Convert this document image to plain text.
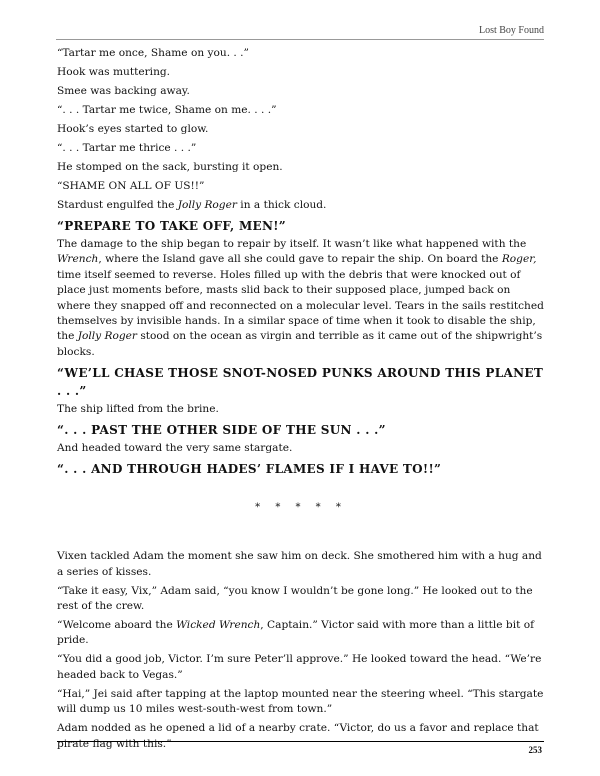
Lost Boy Found

“Tartar me once, Shame on you. . .”

Hook was muttering.

Smee was backing away.

“. . . Tartar me twice, Shame on me. . . .”

Hook’s eyes started to glow.

“. . . Tartar me thrice . . .”

He stomped on the sack, bursting it open.

“SHAME ON ALL OF US!!”

Stardust engulfed the Jolly Roger in a thick cloud.

“PREPARE TO TAKE OFF, MEN!”

The damage to the ship began to repair by itself. It wasn’t like what happened with the Wrench, where the Island gave all she could gave to repair the ship. On board the Roger, time itself seemed to reverse. Holes filled up with the debris that were knocked out of place just moments before, masts slid back to their supposed place, jumped back on where they snapped off and reconnected on a molecular level. Tears in the sails restitched themselves by invisible hands. In a similar space of time when it took to disable the ship, the Jolly Roger stood on the ocean as virgin and terrible as it came out of the shipwright’s blocks.

“WE’LL CHASE THOSE SNOT-NOSED PUNKS AROUND THIS PLANET . . .”

The ship lifted from the brine.

“. . . PAST THE OTHER SIDE OF THE SUN . . .”

And headed toward the very same stargate.

“. . . AND THROUGH HADES’ FLAMES IF I HAVE TO!!”

* * * * *

Vixen tackled Adam the moment she saw him on deck. She smothered him with a hug and a series of kisses.

“Take it easy, Vix,” Adam said, “you know I wouldn’t be gone long.” He looked out to the rest of the crew.

“Welcome aboard the Wicked Wrench, Captain.” Victor said with more than a little bit of pride.

“You did a good job, Victor. I’m sure Peter’ll approve.” He looked toward the head. “We’re headed back to Vegas.”

“Hai,” Jei said after tapping at the laptop mounted near the steering wheel. “This stargate will dump us 10 miles west-south-west from town.”

Adam nodded as he opened a lid of a nearby crate. “Victor, do us a favor and replace that pirate flag with this.”

253
